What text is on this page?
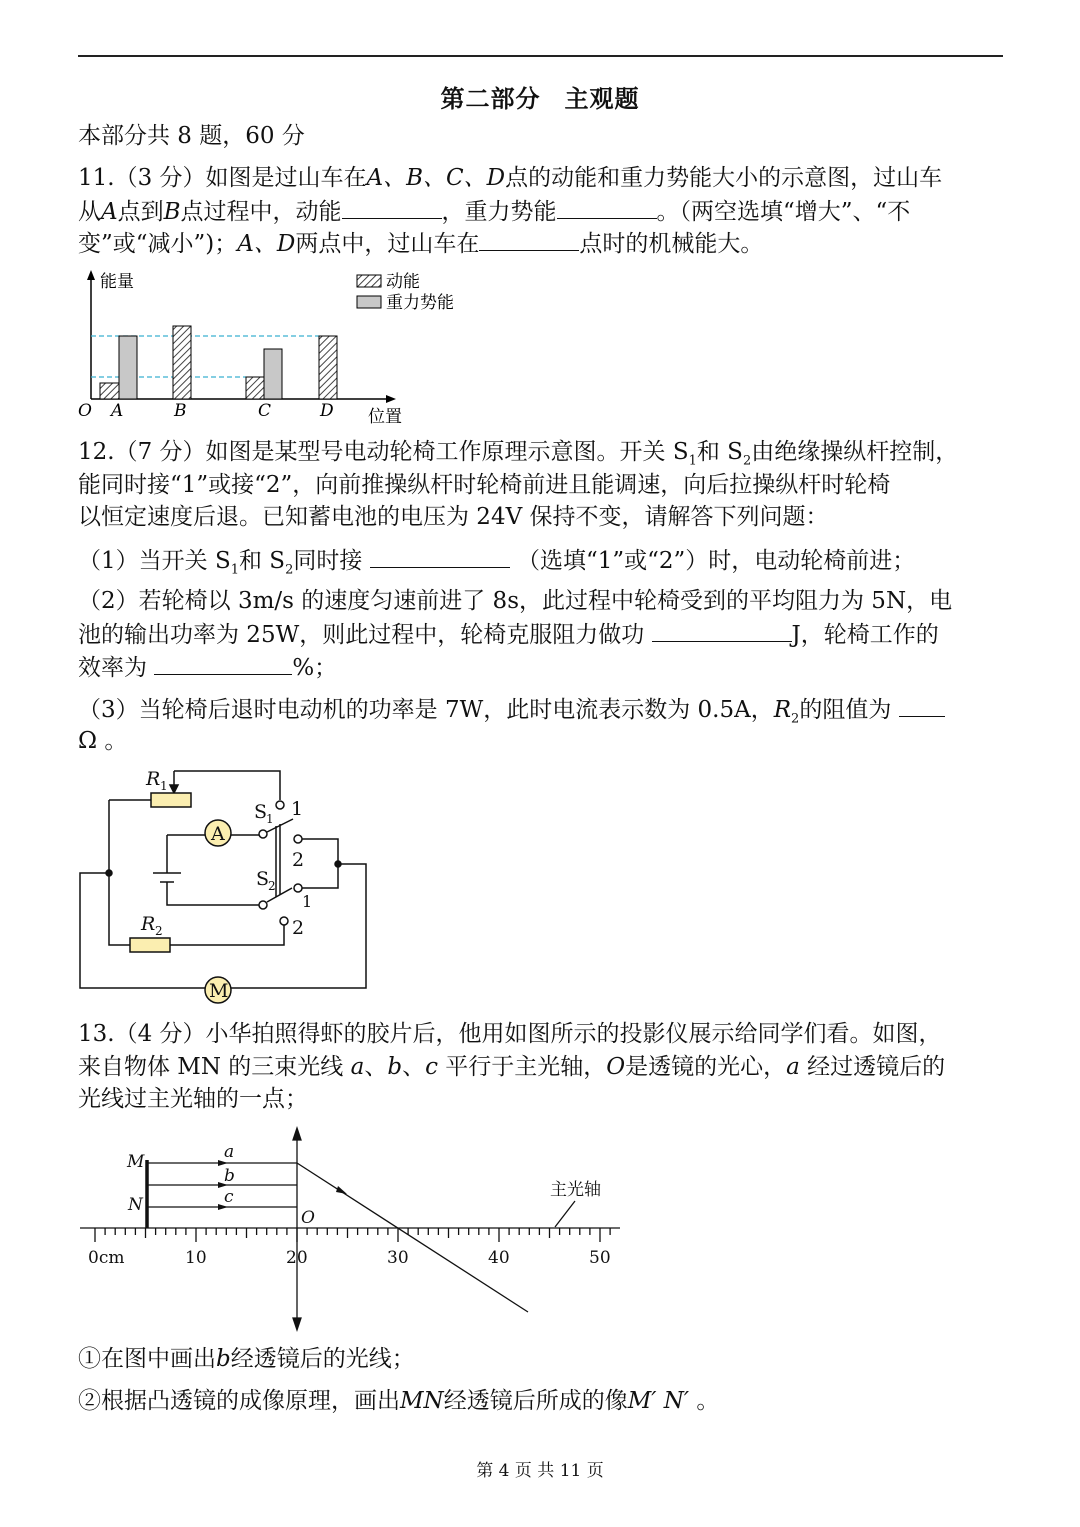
第二部分 主观题
本部分共 8 题，60 分
11.（3 分）如图是过山车在A、B、C、D点的动能和重力势能大小的示意图，过山车
从A点到B点过程中，动能	，重力势能	。（两空选填“增大”、“不
变”或“减小”)；A、D两点中，过山车在	点时的机械能大。
能量
位置
O A	B	C	D
动能
重力势能
12.（7 分）如图是某型号电动轮椅工作原理示意图。开关 $S_1$和 $S_2$由绝缘操纵杆控制，
能同时接“1”或接“2”，向前推操纵杆时轮椅前进且能调速，向后拉操纵杆时轮椅
以恒定速度后退。已知蓄电池的电压为 24V 保持不变，请解答下列问题：
（1）当开关 $S_1$和 $S_2$同时接	（选填“1”或“2”）时，电动轮椅前进；
（2）若轮椅以 3m/s 的速度匀速前进了 8s，此过程中轮椅受到的平均阻力为 5N，电
池的输出功率为 25W，则此过程中，轮椅克服阻力做功	J，轮椅工作的
效率为	%；
（3）当轮椅后退时电动机的功率是 7W，此时电流表示数为 0.5A，$R_2$的阻值为
Ω 。
A
M
R 1
R 2
S
1
S
2
1
2
1
2
13.（4 分）小华拍照得虾的胶片后，他用如图所示的投影仪展示给同学们看。如图，
来自物体 MN 的三束光线 a、b、c 平行于主光轴，O是透镜的光心，a 经过透镜后的
光线过主光轴的一点；
M
N
a
b
c
O
主光轴
0cm	10	20	30	40	50
①在图中画出b经透镜后的光线；
②根据凸透镜的成像原理，画出MN经透镜后所成的像M′ N′ 。
第 4 页 共 11 页
